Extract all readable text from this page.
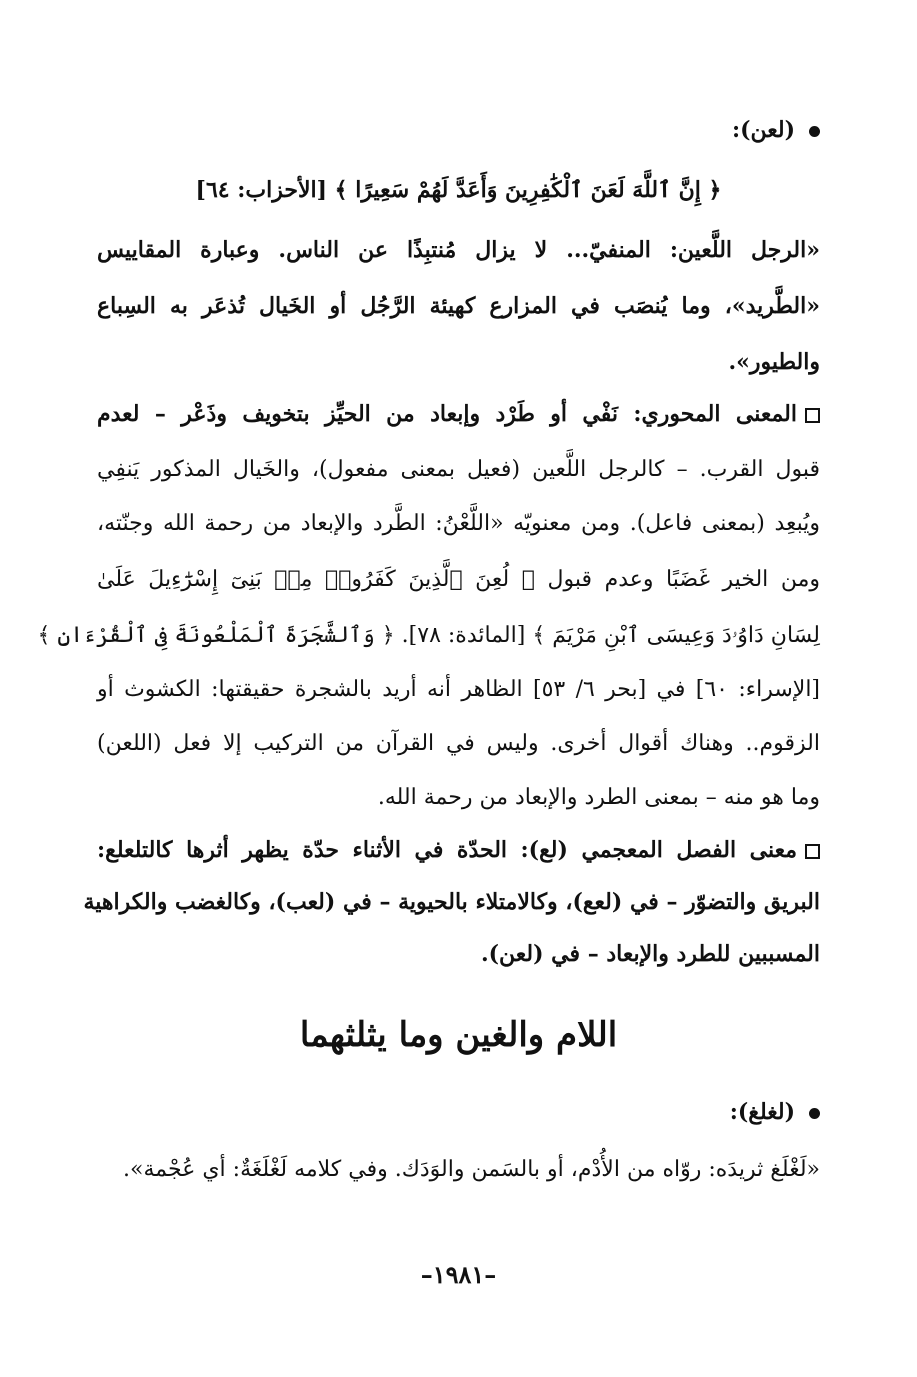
(لعن):
﴿ إِنَّ ٱللَّهَ لَعَنَ ٱلْكَٰفِرِينَ وَأَعَدَّ لَهُمْ سَعِيرًا ﴾ [الأحزاب: ٦٤]
«الرجل اللَّعين: المنفيّ... لا يزال مُنتبِذًا عن الناس. وعبارة المقاييس
«الطَّريد»، وما يُنصَب في المزارع كهيئة الرَّجُل أو الخَيال تُذعَر به السِباع
والطيور».
المعنى المحوري: نَفْي أو طَرْد وإبعاد من الحيِّز بتخويف وذَعْر – لعدم
قبول القرب. – كالرجل اللَّعين (فعيل بمعنى مفعول)، والخَيال المذكور يَنفِي
ويُبعِد (بمعنى فاعل). ومن معنويّه «اللَّعْنُ: الطَّرد والإبعاد من رحمة الله وجنّته،
ومن الخير غَضَبًا وعدم قبول ﴿ لُعِنَ ٱلَّذِينَ كَفَرُوا۟ مِنۢ بَنِىٓ إِسْرَٰٓءِيلَ عَلَىٰ
لِسَانِ دَاوُۥدَ وَعِيسَى ٱبْنِ مَرْيَمَ ﴾ [المائدة: ٧٨]. ﴿ وَٱلشَّجَرَةَ ٱلْمَلْعُونَةَ فِى ٱلْقُرْءَانِ ﴾
[الإسراء: ٦٠] في [بحر ٦/ ٥٣] الظاهر أنه أريد بالشجرة حقيقتها: الكشوث أو
الزقوم.. وهناك أقوال أخرى. وليس في القرآن من التركيب إلا فعل (اللعن)
وما هو منه – بمعنى الطرد والإبعاد من رحمة الله.
معنى الفصل المعجمي (لع): الحدّة في الأثناء حدّة يظهر أثرها كالتلعلع:
البريق والتضوّر – في (لعع)، وكالامتلاء بالحيوية – في (لعب)، وكالغضب والكراهية
المسببين للطرد والإبعاد – في (لعن).
اللام والغين وما يثلثهما
(لغلغ):
«لَغْلَغ ثريدَه: روّاه من الأُدْم، أو بالسَمن والوَدَك. وفي كلامه لَغْلَغَةٌ: أي عُجْمة».
–١٩٨١–
